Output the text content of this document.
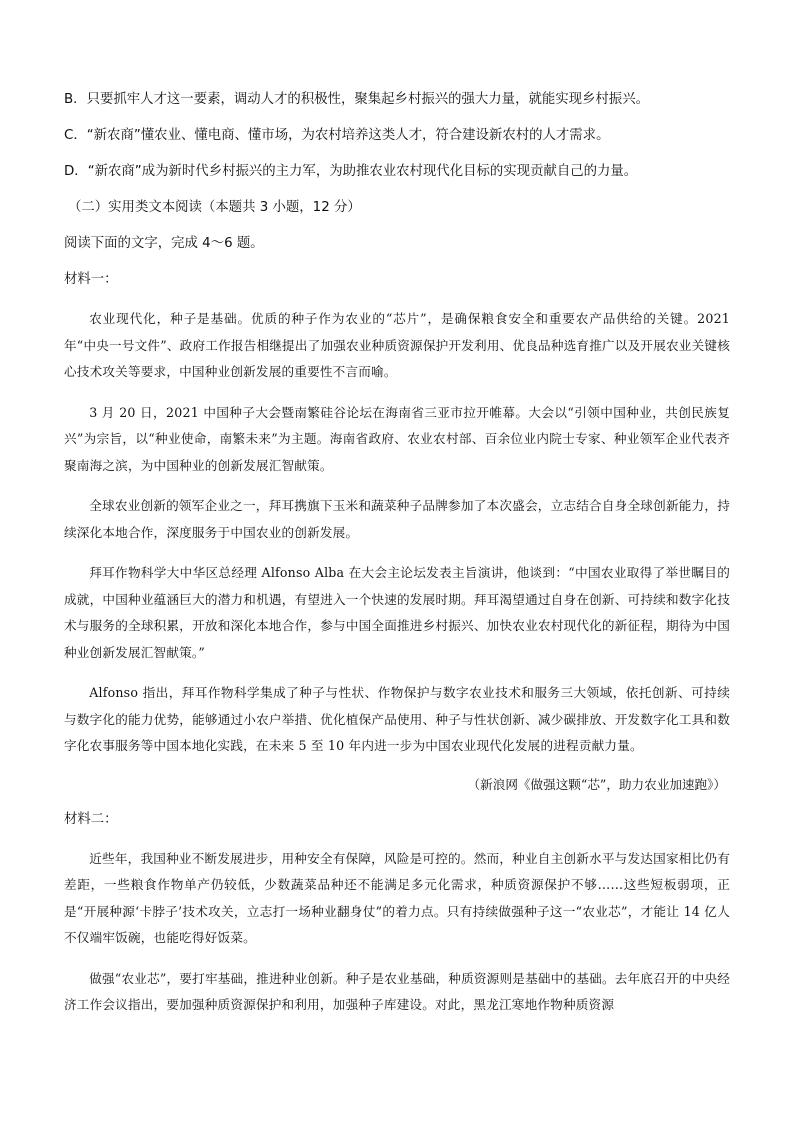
B．只要抓牢人才这一要素，调动人才的积极性，聚集起乡村振兴的强大力量，就能实现乡村振兴。
C．“新农商”懂农业、懂电商、懂市场，为农村培养这类人才，符合建设新农村的人才需求。
D．“新农商”成为新时代乡村振兴的主力军，为助推农业农村现代化目标的实现贡献自己的力量。
（二）实用类文本阅读（本题共 3 小题，12 分）
阅读下面的文字，完成 4～6 题。
材料一：

农业现代化，种子是基础。优质的种子作为农业的“芯片”，是确保粮食安全和重要农产品供给的关键。2021 年“中央一号文件”、政府工作报告相继提出了加强农业种质资源保护开发利用、优良品种选育推广以及开展农业关键核心技术攻关等要求，中国种业创新发展的重要性不言而喻。

3 月 20 日，2021 中国种子大会暨南繁硅谷论坛在海南省三亚市拉开帷幕。大会以“引领中国种业，共创民族复兴”为宗旨，以“种业使命，南繁未来”为主题。海南省政府、农业农村部、百余位业内院士专家、种业领军企业代表齐聚南海之滨，为中国种业的创新发展汇智献策。

全球农业创新的领军企业之一，拜耳携旗下玉米和蔬菜种子品牌参加了本次盛会，立志结合自身全球创新能力，持续深化本地合作，深度服务于中国农业的创新发展。

拜耳作物科学大中华区总经理 Alfonso Alba 在大会主论坛发表主旨演讲，他谈到：“中国农业取得了举世瞩目的成就，中国种业蕴涵巨大的潜力和机遇，有望进入一个快速的发展时期。拜耳渴望通过自身在创新、可持续和数字化技术与服务的全球积累，开放和深化本地合作，参与中国全面推进乡村振兴、加快农业农村现代化的新征程，期待为中国种业创新发展汇智献策。”

Alfonso 指出，拜耳作物科学集成了种子与性状、作物保护与数字农业技术和服务三大领域，依托创新、可持续与数字化的能力优势，能够通过小农户举措、优化植保产品使用、种子与性状创新、减少碳排放、开发数字化工具和数字化农事服务等中国本地化实践，在未来 5 至 10 年内进一步为中国农业现代化发展的进程贡献力量。

（新浪网《做强这颗“芯”，助力农业加速跑》）
材料二：

近些年，我国种业不断发展进步，用种安全有保障，风险是可控的。然而，种业自主创新水平与发达国家相比仍有差距，一些粮食作物单产仍较低，少数蔬菜品种还不能满足多元化需求，种质资源保护不够……这些短板弱项，正是“开展种源‘卡脖子’技术攻关，立志打一场种业翻身仗”的着力点。只有持续做强种子这一“农业芯”，才能让 14 亿人不仅端牢饭碗，也能吃得好饭菜。

做强“农业芯”，要打牢基础，推进种业创新。种子是农业基础，种质资源则是基础中的基础。去年底召开的中央经济工作会议指出，要加强种质资源保护和利用，加强种子库建设。对此，黑龙江寒地作物种质资源
